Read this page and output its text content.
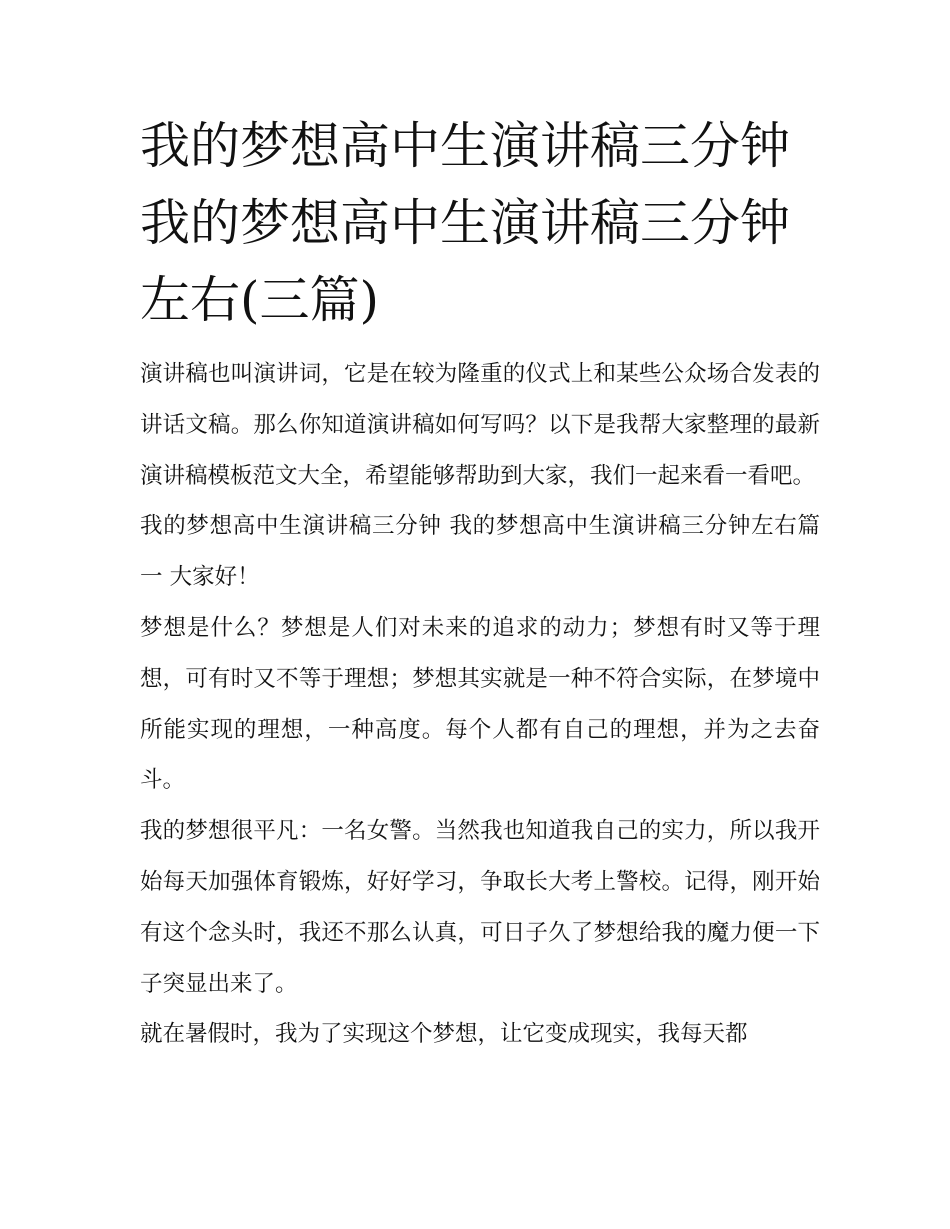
我的梦想高中生演讲稿三分钟
我的梦想高中生演讲稿三分钟
左右(三篇)

演讲稿也叫演讲词，它是在较为隆重的仪式上和某些公众场合发表的讲话文稿。那么你知道演讲稿如何写吗？以下是我帮大家整理的最新演讲稿模板范文大全，希望能够帮助到大家，我们一起来看一看吧。

我的梦想高中生演讲稿三分钟 我的梦想高中生演讲稿三分钟左右篇一 大家好！

梦想是什么？梦想是人们对未来的追求的动力；梦想有时又等于理想，可有时又不等于理想；梦想其实就是一种不符合实际，在梦境中所能实现的理想，一种高度。每个人都有自己的理想，并为之去奋斗。

我的梦想很平凡：一名女警。当然我也知道我自己的实力，所以我开始每天加强体育锻炼，好好学习，争取长大考上警校。记得，刚开始有这个念头时，我还不那么认真，可日子久了梦想给我的魔力便一下子突显出来了。

就在暑假时，我为了实现这个梦想，让它变成现实，我每天都
